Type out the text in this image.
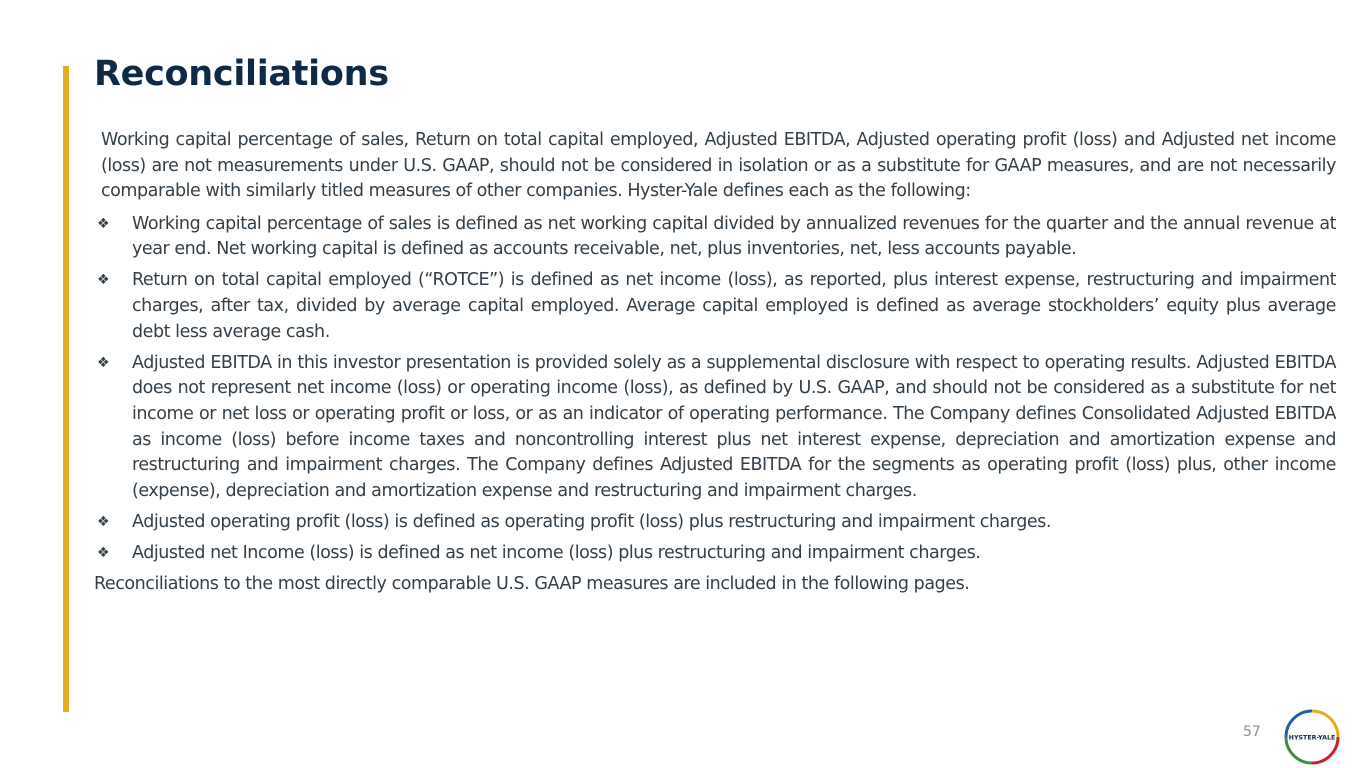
Reconciliations

Working capital percentage of sales, Return on total capital employed, Adjusted EBITDA, Adjusted operating profit (loss) and Adjusted net income (loss) are not measurements under U.S. GAAP, should not be considered in isolation or as a substitute for GAAP measures, and are not necessarily comparable with similarly titled measures of other companies. Hyster-Yale defines each as the following:

❖ Working capital percentage of sales is defined as net working capital divided by annualized revenues for the quarter and the annual revenue at year end. Net working capital is defined as accounts receivable, net, plus inventories, net, less accounts payable.
❖ Return on total capital employed (“ROTCE”) is defined as net income (loss), as reported, plus interest expense, restructuring and impairment charges, after tax, divided by average capital employed. Average capital employed is defined as average stockholders’ equity plus average debt less average cash.
❖ Adjusted EBITDA in this investor presentation is provided solely as a supplemental disclosure with respect to operating results. Adjusted EBITDA does not represent net income (loss) or operating income (loss), as defined by U.S. GAAP, and should not be considered as a substitute for net income or net loss or operating profit or loss, or as an indicator of operating performance. The Company defines Consolidated Adjusted EBITDA as income (loss) before income taxes and noncontrolling interest plus net interest expense, depreciation and amortization expense and restructuring and impairment charges. The Company defines Adjusted EBITDA for the segments as operating profit (loss) plus, other income (expense), depreciation and amortization expense and restructuring and impairment charges.
❖ Adjusted operating profit (loss) is defined as operating profit (loss) plus restructuring and impairment charges.
❖ Adjusted net Income (loss) is defined as net income (loss) plus restructuring and impairment charges.

Reconciliations to the most directly comparable U.S. GAAP measures are included in the following pages.

57	HYSTER-YALE
